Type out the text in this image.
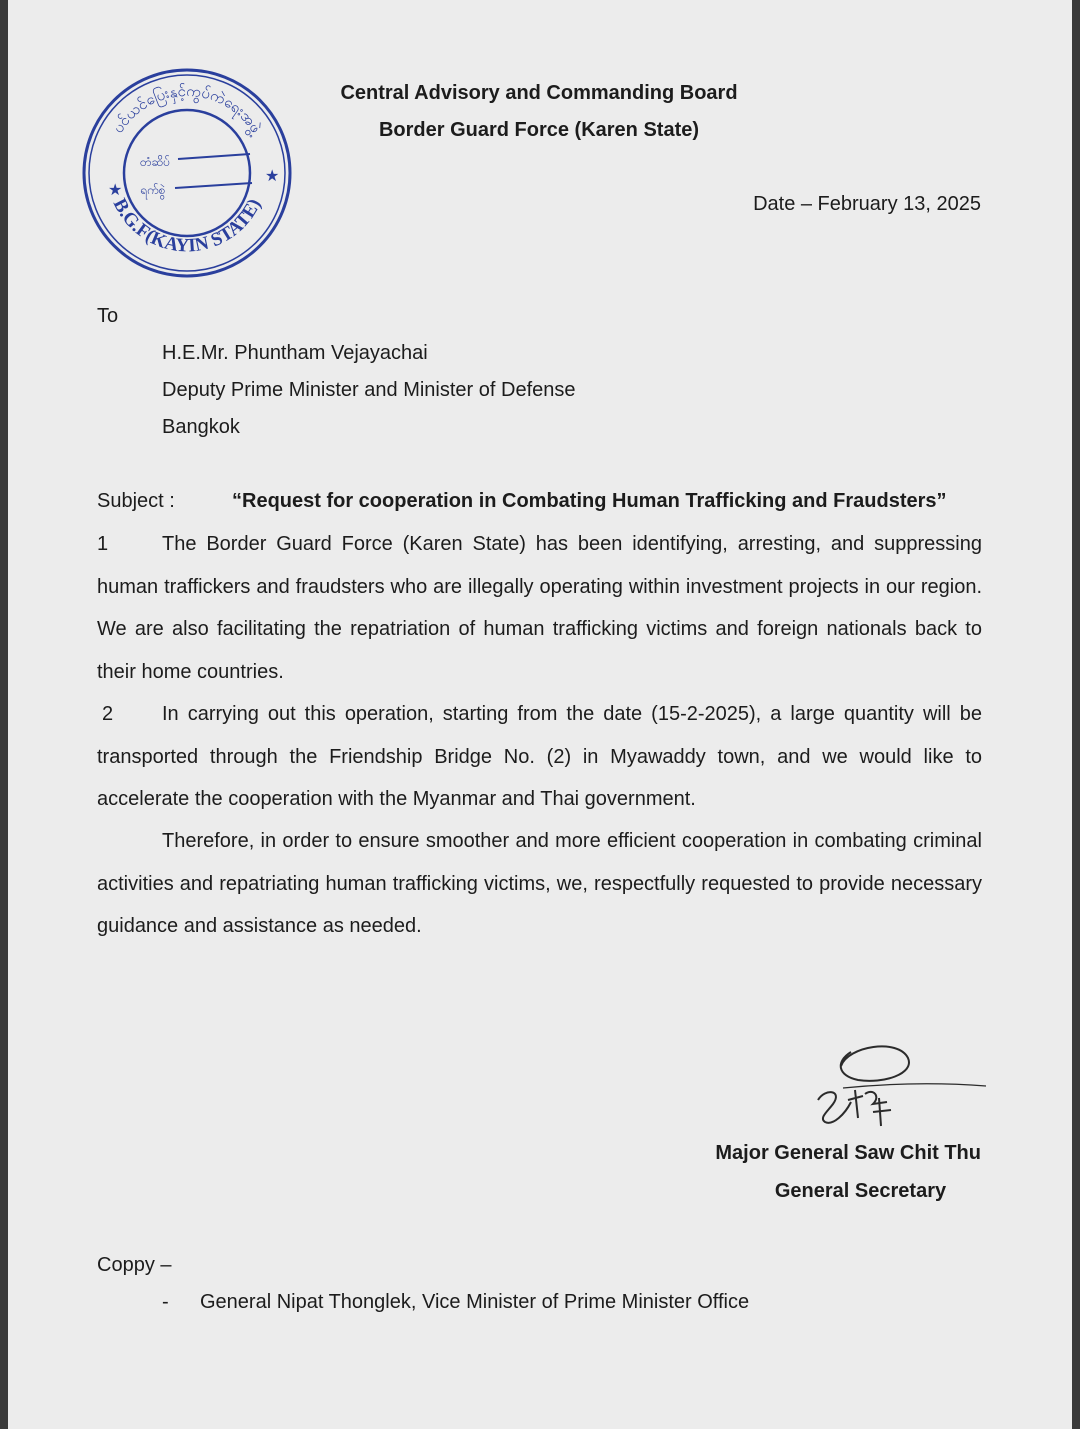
ပင်ယင်ပြေးနှင့်ကွပ်ကဲရေးအဖွဲ့
B.G.F(KAYIN STATE)
★
★
တံဆိပ်
ရက်စွဲ
Central Advisory and Commanding Board
Border Guard Force (Karen State)
Date – February 13, 2025
To
H.E.Mr. Phuntham Vejayachai
Deputy Prime Minister and Minister of Defense
Bangkok
Subject :	“Request for cooperation in Combating Human Trafficking and Fraudsters”
1	The Border Guard Force (Karen State) has been identifying, arresting, and suppressing human traffickers and fraudsters who are illegally operating within investment projects in our region. We are also facilitating the repatriation of human trafficking victims and foreign nationals back to their home countries.
2 In carrying out this operation, starting from the date (15-2-2025), a large quantity will be transported through the Friendship Bridge No. (2) in Myawaddy town, and we would like to accelerate the cooperation with the Myanmar and Thai government.
Therefore, in order to ensure smoother and more efficient cooperation in combating criminal activities and repatriating human trafficking victims, we, respectfully requested to provide necessary guidance and assistance as needed.
Major General Saw Chit Thu
General Secretary
Coppy –
- General Nipat Thonglek, Vice Minister of Prime Minister Office
